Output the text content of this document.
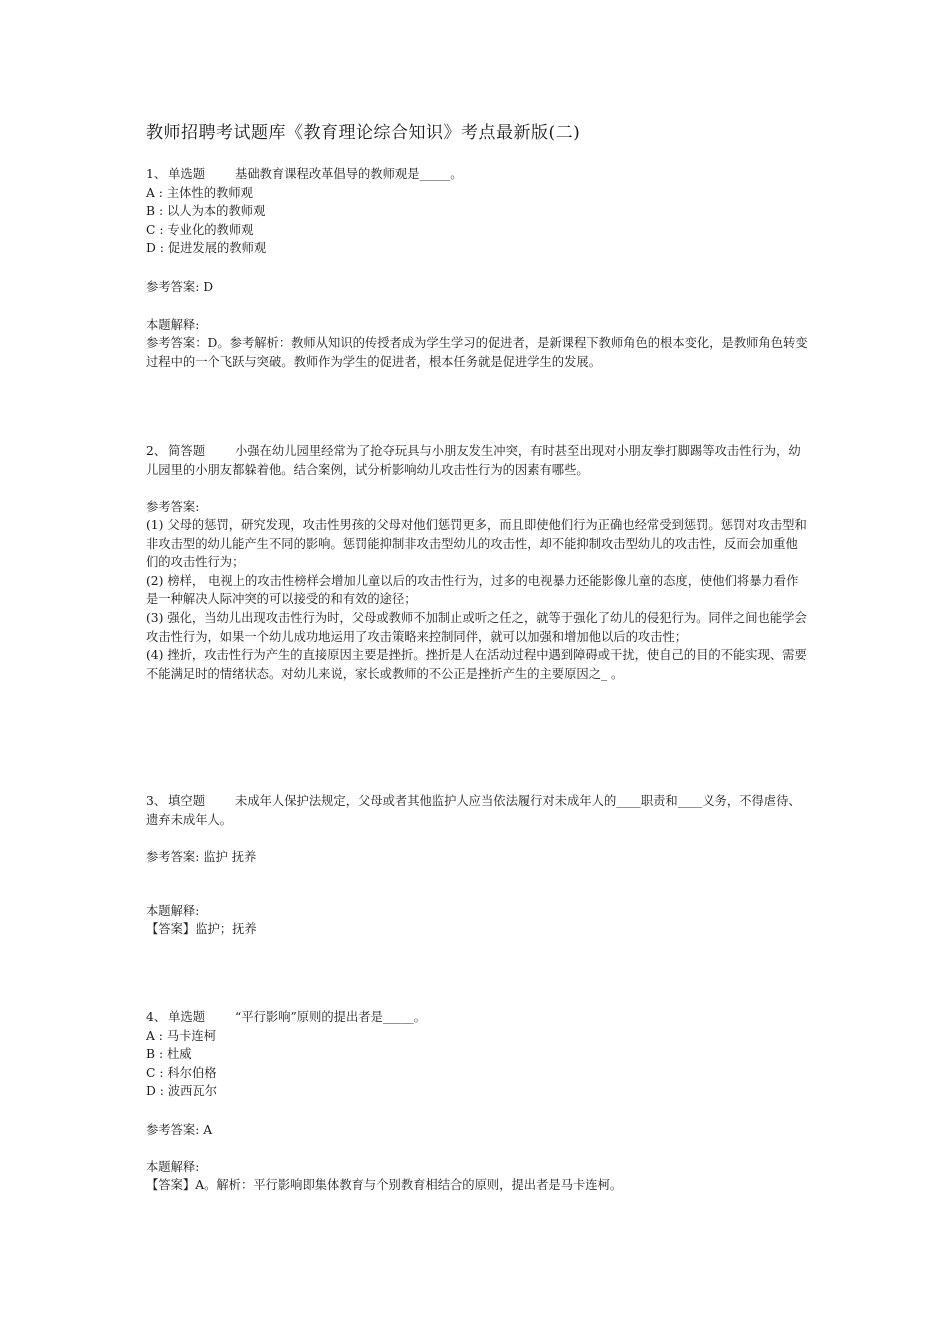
教师招聘考试题库《教育理论综合知识》考点最新版(二)
1、 单选题 基础教育课程改革倡导的教师观是_____。
A : 主体性的教师观
B : 以人为本的教师观
C : 专业化的教师观
D : 促进发展的教师观
参考答案: D
本题解释:
参考答案：D。参考解析：教师从知识的传授者成为学生学习的促进者，是新课程下教师角色的根本变化，是教师角色转变过程中的一个飞跃与突破。教师作为学生的促进者，根本任务就是促进学生的发展。
2、 简答题 小强在幼儿园里经常为了抢夺玩具与小朋友发生冲突，有时甚至出现对小朋友拳打脚踢等攻击性行为，幼儿园里的小朋友都躲着他。结合案例，试分析影响幼儿攻击性行为的因素有哪些。
参考答案:
(1) 父母的惩罚，研究发现，攻击性男孩的父母对他们惩罚更多，而且即使他们行为正确也经常受到惩罚。惩罚对攻击型和非攻击型的幼儿能产生不同的影响。惩罚能抑制非攻击型幼儿的攻击性，却不能抑制攻击型幼儿的攻击性，反而会加重他们的攻击性行为；
(2) 榜样， 电视上的攻击性榜样会增加儿童以后的攻击性行为，过多的电视暴力还能影像儿童的态度，使他们将暴力看作是一种解决人际冲突的可以接受的和有效的途径；
(3) 强化，当幼儿出现攻击性行为时，父母或教师不加制止或听之任之，就等于强化了幼儿的侵犯行为。同伴之间也能学会攻击性行为，如果一个幼儿成功地运用了攻击策略来控制同伴，就可以加强和增加他以后的攻击性；
(4) 挫折，攻击性行为产生的直接原因主要是挫折。挫折是人在活动过程中遇到障碍或干扰，使自己的目的不能实现、需要不能满足时的情绪状态。对幼儿来说，家长或教师的不公正是挫折产生的主要原因之_ 。
3、 填空题 未成年人保护法规定，父母或者其他监护人应当依法履行对未成年人的____职责和____义务，不得虐待、遗弃未成年人。
参考答案: 监护 抚养
本题解释:
【答案】监护；抚养
4、 单选题 “平行影响”原则的提出者是_____。
A : 马卡连柯
B : 杜威
C : 科尔伯格
D : 波西瓦尔
参考答案: A
本题解释:
【答案】A。解析：平行影响即集体教育与个别教育相结合的原则，提出者是马卡连柯。
